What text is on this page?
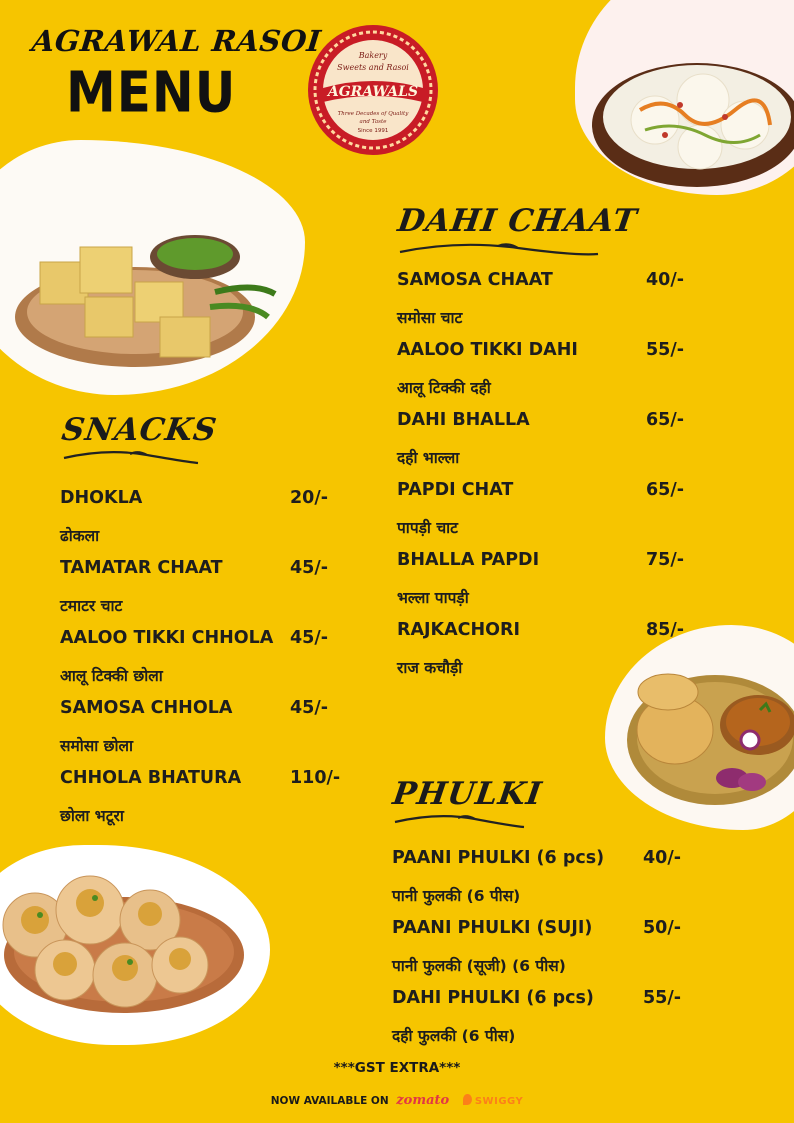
AGRAWAL RASOI
MENU
Bakery
Sweets and Rasoi
AGRAWALS
Three Decades of Quality
and Taste
Since 1991
DAHI CHAAT
SAMOSA CHAAT	40/-
समोसा चाट
AALOO TIKKI DAHI	55/-
आलू टिक्की दही
DAHI BHALLA	65/-
दही भाल्ला
PAPDI CHAT	65/-
पापड़ी चाट
BHALLA PAPDI	75/-
भल्ला पापड़ी
RAJKACHORI	85/-
राज कचौड़ी
SNACKS
DHOKLA	20/-
ढोकला
TAMATAR CHAAT	45/-
टमाटर चाट
AALOO TIKKI CHHOLA 45/-
आलू टिक्की छोला
SAMOSA CHHOLA	45/-
समोसा छोला
CHHOLA BHATURA	110/-
छोला भटूरा
PHULKI
PAANI PHULKI (6 pcs) 40/-
पानी फुलकी (6 पीस)
PAANI PHULKI (SUJI)	50/-
पानी फुलकी (सूजी) (6 पीस)
DAHI PHULKI (6 pcs)	55/-
दही फुलकी (6 पीस)
***GST EXTRA***
NOW AVAILABLE ON zomato	SWIGGY
